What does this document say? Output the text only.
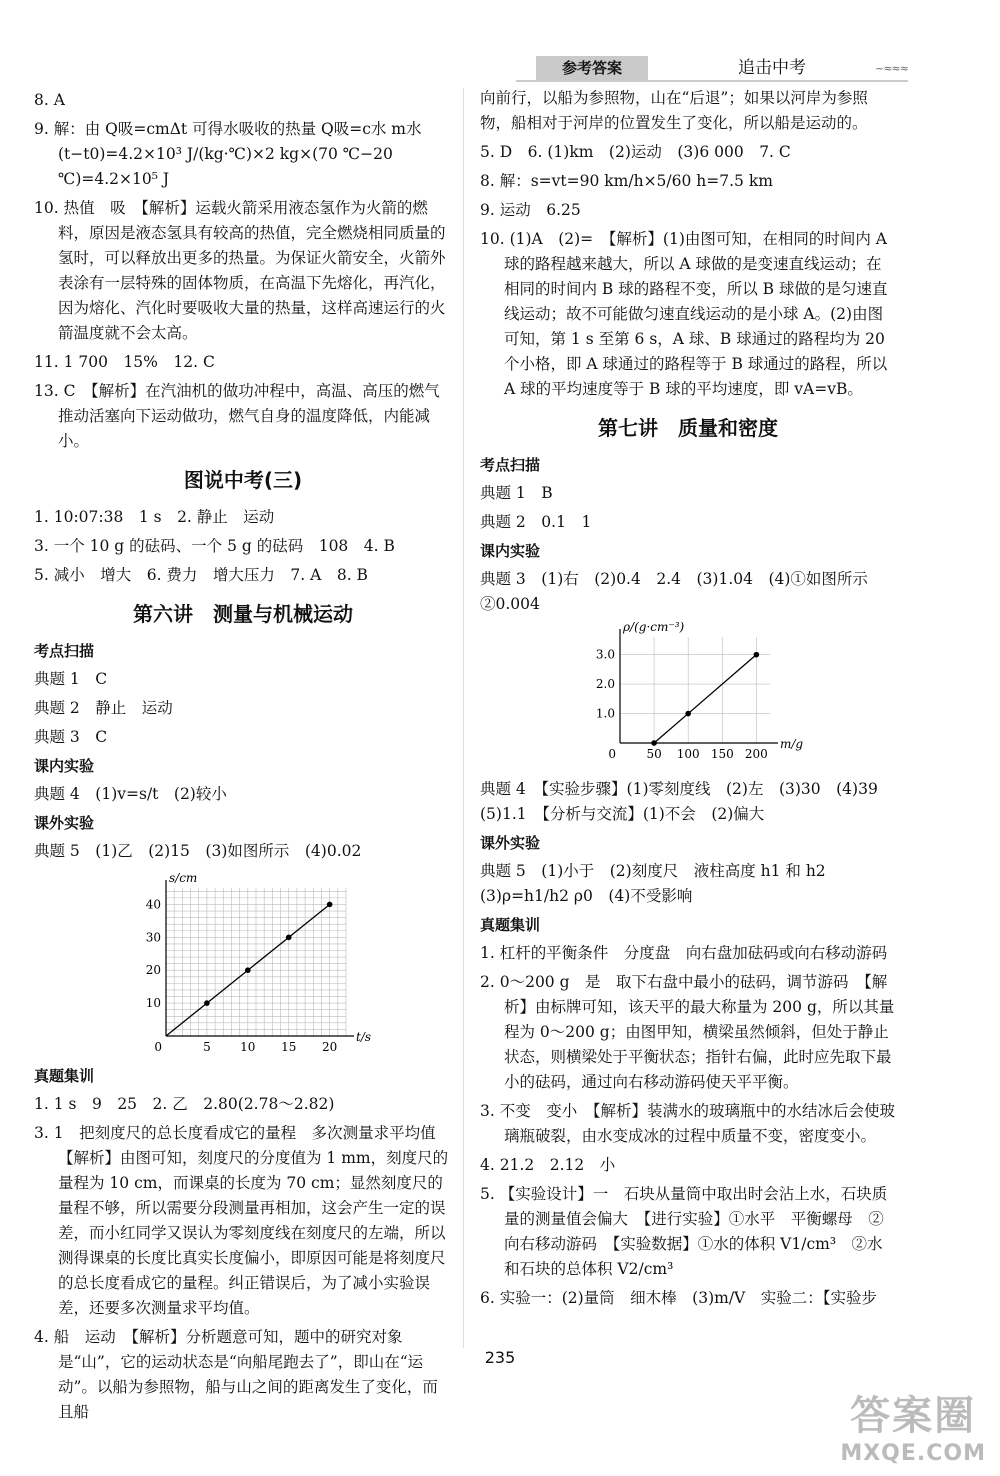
参考答案	追击中考	~≈≈≈

8. A

9. 解：由 Q吸=cmΔt 可得水吸收的热量 Q吸=c水 m水(t−t0)=4.2×10³ J/(kg·℃)×2 kg×(70 ℃−20 ℃)=4.2×10⁵ J

10. 热值　吸　【解析】运载火箭采用液态氢作为火箭的燃料，原因是液态氢具有较高的热值，完全燃烧相同质量的氢时，可以释放出更多的热量。为保证火箭安全，火箭外表涂有一层特殊的固体物质，在高温下先熔化，再汽化，因为熔化、汽化时要吸收大量的热量，这样高速运行的火箭温度就不会太高。

11. 1 700　15%　12. C

13. C　【解析】在汽油机的做功冲程中，高温、高压的燃气推动活塞向下运动做功，燃气自身的温度降低，内能减小。

图说中考(三)

1. 10:07:38　1 s　2. 静止　运动

3. 一个 10 g 的砝码、一个 5 g 的砝码　108　4. B

5. 减小　增大　6. 费力　增大压力　7. A　8. B

第六讲　测量与机械运动
考点扫描

典题 1　C

典题 2　静止　运动

典题 3　C

课内实验

典题 4　(1)v=s/t　(2)较小

课外实验

典题 5　(1)乙　(2)15　(3)如图所示　(4)0.02

5 10 15 20
10
20
30
40
0
t/s
s/cm
真题集训

1. 1 s　9　25　2. 乙　2.80(2.78～2.82)

3. 1　把刻度尺的总长度看成它的量程　多次测量求平均值　【解析】由图可知，刻度尺的分度值为 1 mm，刻度尺的量程为 10 cm，而课桌的长度为 70 cm；显然刻度尺的量程不够，所以需要分段测量再相加，这会产生一定的误差，而小红同学又误认为零刻度线在刻度尺的左端，所以测得课桌的长度比真实长度偏小，即原因可能是将刻度尺的总长度看成它的量程。纠正错误后，为了减小实验误差，还要多次测量求平均值。

4. 船　运动　【解析】分析题意可知，题中的研究对象是“山”，它的运动状态是“向船尾跑去了”，即山在“运动”。以船为参照物，船与山之间的距离发生了变化，而且船

向前行，以船为参照物，山在“后退”；如果以河岸为参照物，船相对于河岸的位置发生了变化，所以船是运动的。

5. D　6. (1)km　(2)运动　(3)6 000　7. C

8. 解：s=vt=90 km/h×5/60 h=7.5 km

9. 运动　6.25

10. (1)A　(2)=　【解析】(1)由图可知，在相同的时间内 A 球的路程越来越大，所以 A 球做的是变速直线运动；在相同的时间内 B 球的路程不变，所以 B 球做的是匀速直线运动；故不可能做匀速直线运动的是小球 A。(2)由图可知，第 1 s 至第 6 s，A 球、B 球通过的路程均为 20 个小格，即 A 球通过的路程等于 B 球通过的路程，所以 A 球的平均速度等于 B 球的平均速度，即 vA=vB。

第七讲　质量和密度
考点扫描

典题 1　B

典题 2　0.1　1

课内实验

典题 3　(1)右　(2)0.4　2.4　(3)1.04　(4)①如图所示　②0.004

50 100 150 200
1.0
2.0
3.0
0
m/g
ρ/(g·cm⁻³)

典题 4　【实验步骤】(1)零刻度线　(2)左　(3)30　(4)39　(5)1.1　【分析与交流】(1)不会　(2)偏大

课外实验

典题 5　(1)小于　(2)刻度尺　液柱高度 h1 和 h2　(3)ρ=h1/h2 ρ0　(4)不受影响

真题集训

1. 杠杆的平衡条件　分度盘　向右盘加砝码或向右移动游码

2. 0～200 g　是　取下右盘中最小的砝码，调节游码　【解析】由标牌可知，该天平的最大称量为 200 g，所以其量程为 0～200 g；由图甲知，横梁虽然倾斜，但处于静止状态，则横梁处于平衡状态；指针右偏，此时应先取下最小的砝码，通过向右移动游码使天平平衡。

3. 不变　变小　【解析】装满水的玻璃瓶中的水结冰后会使玻璃瓶破裂，由水变成冰的过程中质量不变，密度变小。

4. 21.2　2.12　小

5. 【实验设计】一　石块从量筒中取出时会沾上水，石块质量的测量值会偏大　【进行实验】①水平　平衡螺母　②向右移动游码　【实验数据】①水的体积 V1/cm³　②水和石块的总体积 V2/cm³

6. 实验一：(2)量筒　细木棒　(3)m/V　实验二：【实验步

235
答案圈
MXQE.COM
